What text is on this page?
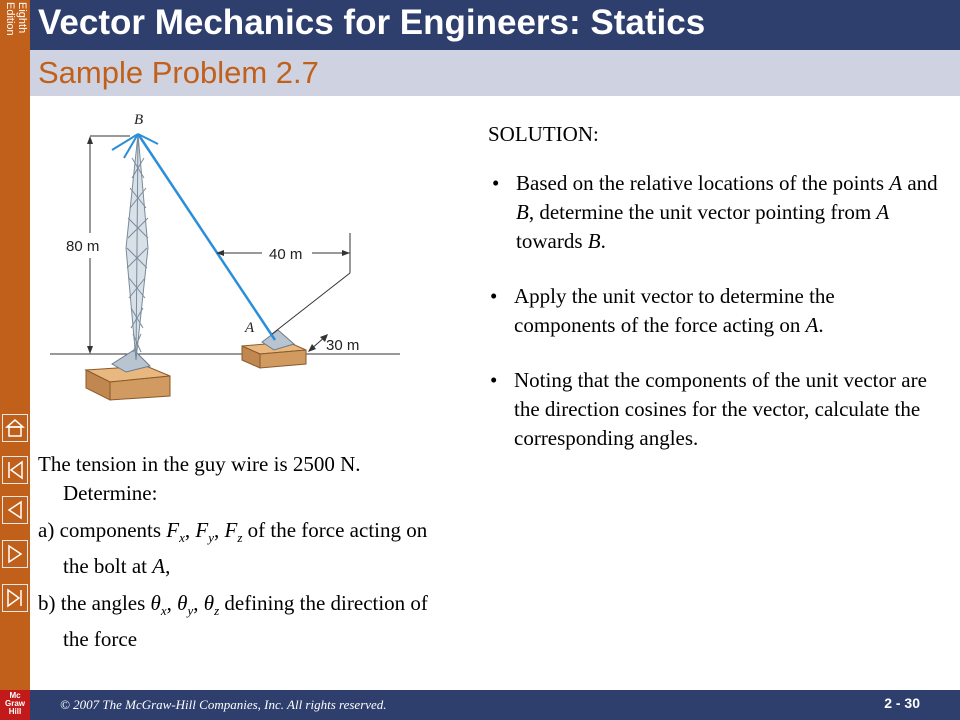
Eighth
Edition Vector Mechanics for Engineers: Statics
Sample Problem 2.7
80 m	40 m
30 m
B
A

The tension in the guy wire is 2500 N. Determine:

a) components $F_x$, $F_y$, $F_z$ of the force acting on the bolt at A,

b) the angles $\theta_x$, $\theta_y$, $\theta_z$ defining the direction of the force

SOLUTION:
• Based on the relative locations of the points A and B, determine the unit vector pointing from A towards B.
• Apply the unit vector to determine the components of the force acting on A.
• Noting that the components of the unit vector are the direction cosines for the vector, calculate the corresponding angles.
© 2007 The McGraw-Hill Companies, Inc. All rights reserved.	2 - 30
Mc
Graw
Hill
